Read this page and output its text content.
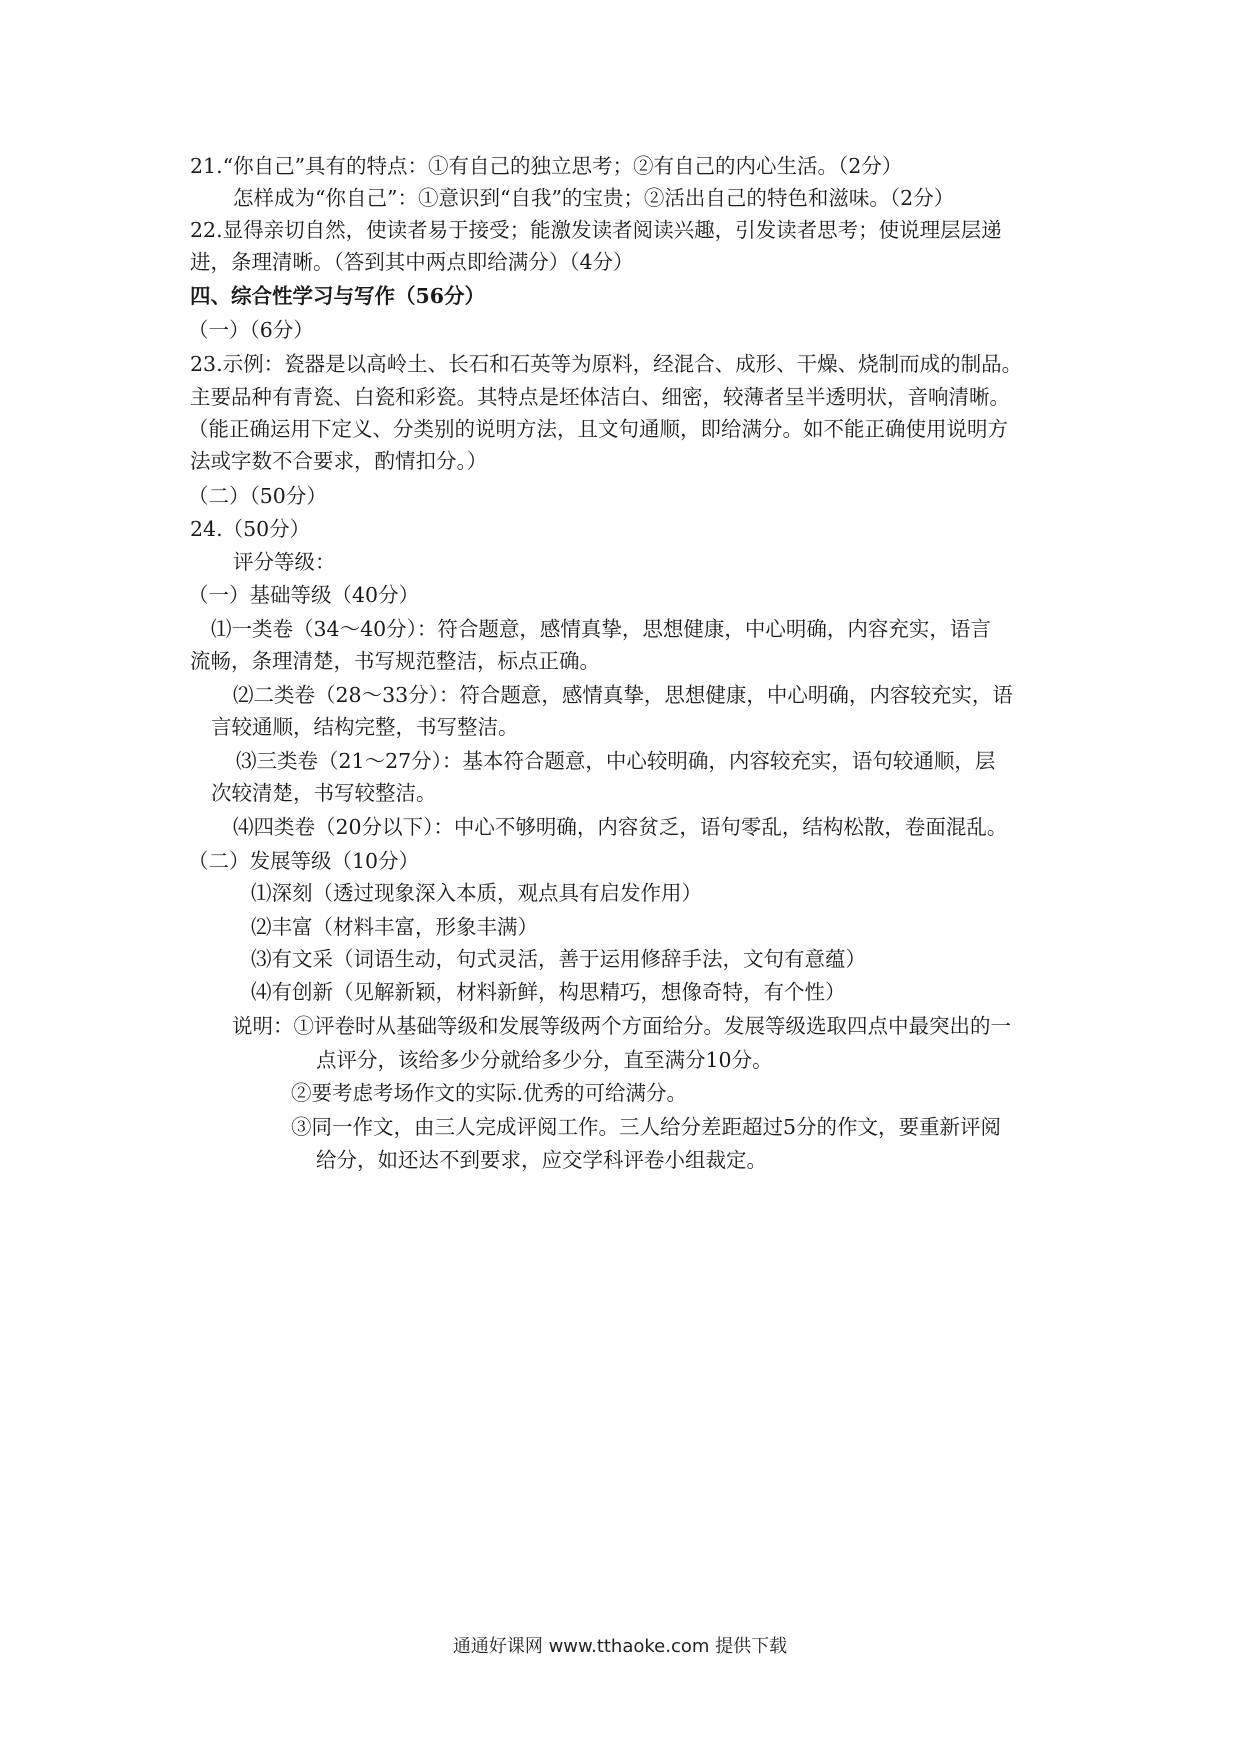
21.“你自己”具有的特点：①有自己的独立思考；②有自己的内心生活。（2分）
怎样成为“你自己”：①意识到“自我”的宝贵；②活出自己的特色和滋味。（2分）
22.显得亲切自然，使读者易于接受；能激发读者阅读兴趣，引发读者思考；使说理层层递
进，条理清晰。（答到其中两点即给满分）（4分）
四、综合性学习与写作（56分）
（一）（6分）
23.示例：瓷器是以高岭土、长石和石英等为原料，经混合、成形、干燥、烧制而成的制品。
主要品种有青瓷、白瓷和彩瓷。其特点是坯体洁白、细密，较薄者呈半透明状，音响清晰。
（能正确运用下定义、分类别的说明方法，且文句通顺，即给满分。如不能正确使用说明方
法或字数不合要求，酌情扣分。）
（二）（50分）
24.（50分）
评分等级：
（一）基础等级（40分）
⑴一类卷（34～40分）：符合题意，感情真挚，思想健康，中心明确，内容充实，语言
流畅，条理清楚，书写规范整洁，标点正确。
⑵二类卷（28～33分）：符合题意，感情真挚，思想健康，中心明确，内容较充实，语
言较通顺，结构完整，书写整洁。
⑶三类卷（21～27分）：基本符合题意，中心较明确，内容较充实，语句较通顺，层
次较清楚，书写较整洁。
⑷四类卷（20分以下）：中心不够明确，内容贫乏，语句零乱，结构松散，卷面混乱。
（二）发展等级（10分）
⑴深刻（透过现象深入本质，观点具有启发作用）
⑵丰富（材料丰富，形象丰满）
⑶有文采（词语生动，句式灵活，善于运用修辞手法，文句有意蕴）
⑷有创新（见解新颖，材料新鲜，构思精巧，想像奇特，有个性）
说明：①评卷时从基础等级和发展等级两个方面给分。发展等级选取四点中最突出的一
点评分，该给多少分就给多少分，直至满分10分。
②要考虑考场作文的实际.优秀的可给满分。
③同一作文，由三人完成评阅工作。三人给分差距超过5分的作文，要重新评阅
给分，如还达不到要求，应交学科评卷小组裁定。
通通好课网 www.tthaoke.com 提供下载
